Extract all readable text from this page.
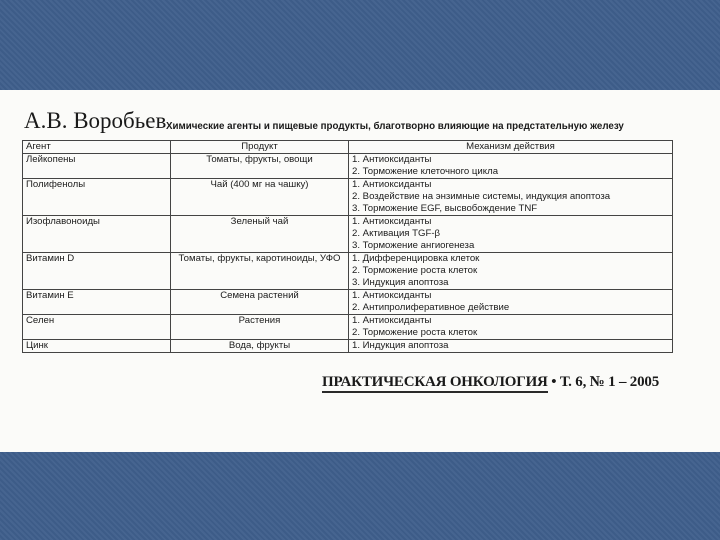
А.В. Воробьев Химические агенты и пищевые продукты, благотворно влияющие на предстательную железу
Агент	Продукт	Механизм действия
Лейкопены	Томаты, фрукты, овощи	1. Антиоксиданты
2. Торможение клеточного цикла

Полифенолы	Чай (400 мг на чашку)	1. Антиоксиданты
2. Воздействие на энзимные системы, индукция апоптоза
3. Торможение EGF, высвобождение TNF

Изофлавоноиды	Зеленый чай	1. Антиоксиданты
2. Активация TGF-β
3. Торможение ангиогенеза

Витамин D	Томаты, фрукты, каротиноиды, УФО	1. Дифференцировка клеток
2. Торможение роста клеток
3. Индукция апоптоза

Витамин E	Семена растений	1. Антиоксиданты
2. Антипролиферативное действие

Селен	Растения	1. Антиоксиданты
2. Торможение роста клеток

Цинк	Вода, фрукты	1. Индукция апоптоза
ПРАКТИЧЕСКАЯ ОНКОЛОГИЯ • Т. 6, № 1 – 2005
